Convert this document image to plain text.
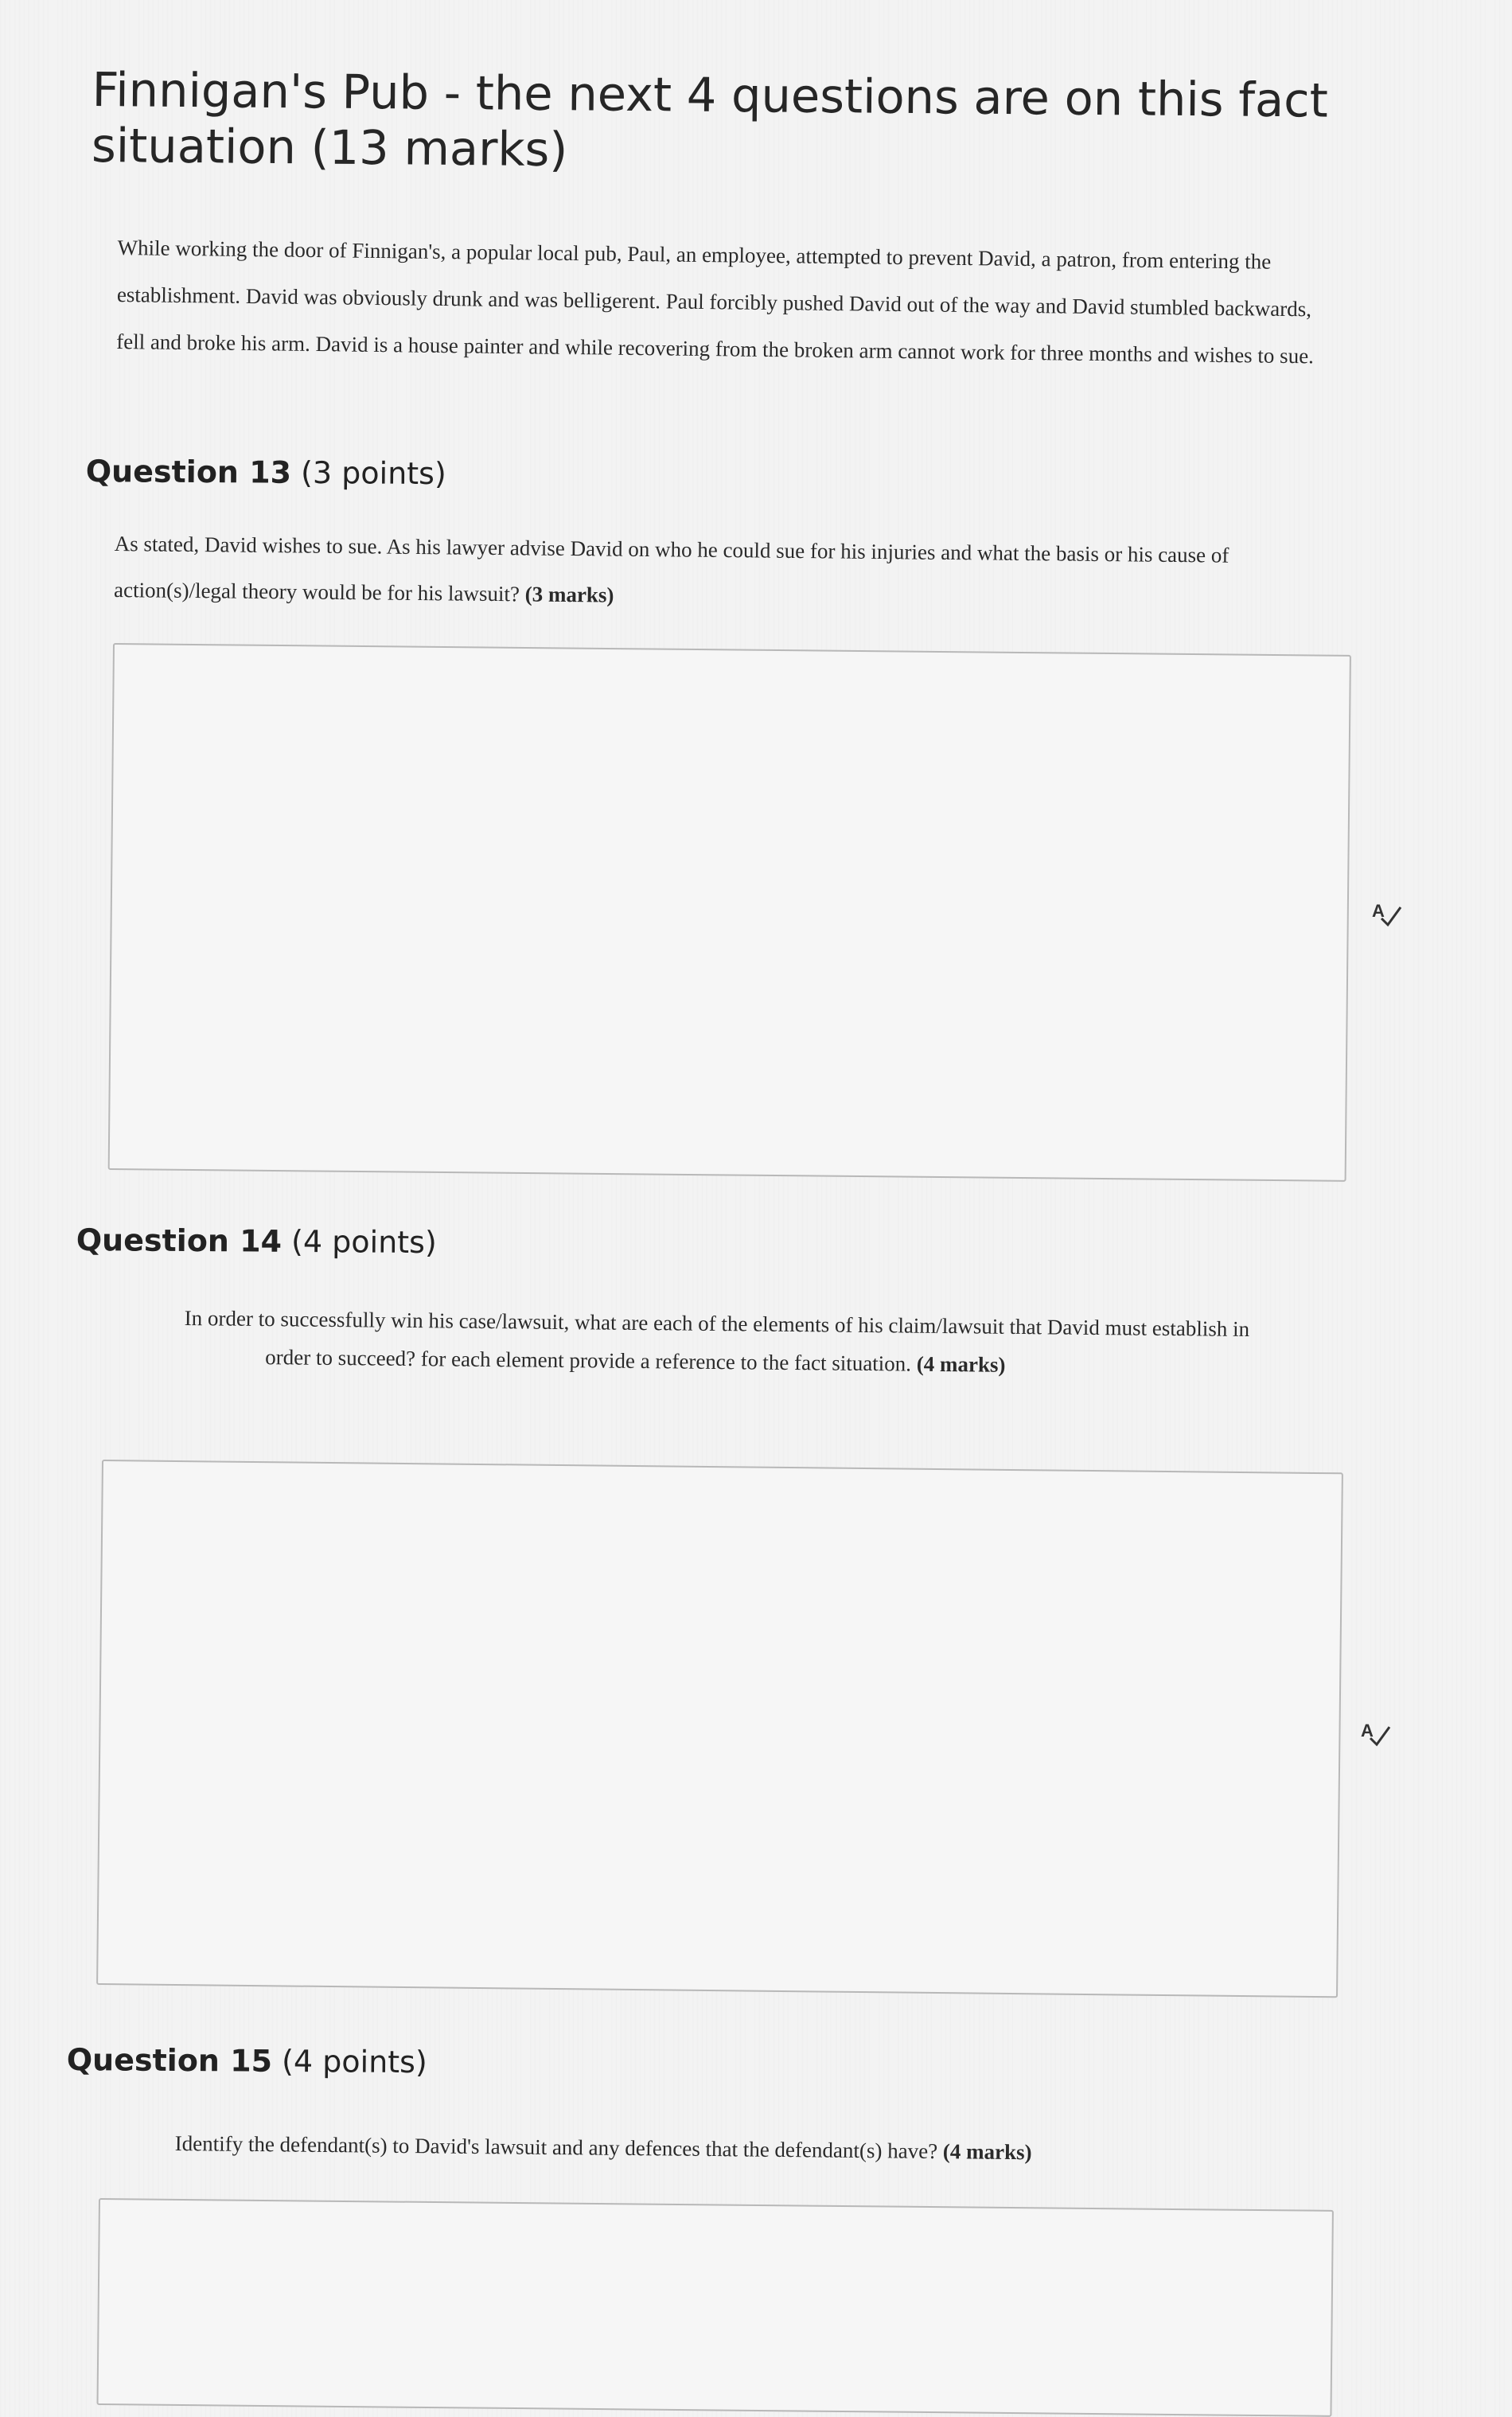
Finnigan's Pub - the next 4 questions are on this fact situation (13 marks)

While working the door of Finnigan's, a popular local pub, Paul, an employee, attempted to prevent David, a patron, from entering the establishment. David was obviously drunk and was belligerent. Paul forcibly pushed David out of the way and David stumbled backwards, fell and broke his arm. David is a house painter and while recovering from the broken arm cannot work for three months and wishes to sue.

Question 13 (3 points)

As stated, David wishes to sue. As his lawyer advise David on who he could sue for his injuries and what the basis or his cause of action(s)/legal theory would be for his lawsuit? (3 marks)

A
Question 14 (4 points)

In order to successfully win his case/lawsuit, what are each of the elements of his claim/lawsuit that David must establish in order to succeed? for each element provide a reference to the fact situation. (4 marks)

A
Question 15 (4 points)

Identify the defendant(s) to David's lawsuit and any defences that the defendant(s) have? (4 marks)
